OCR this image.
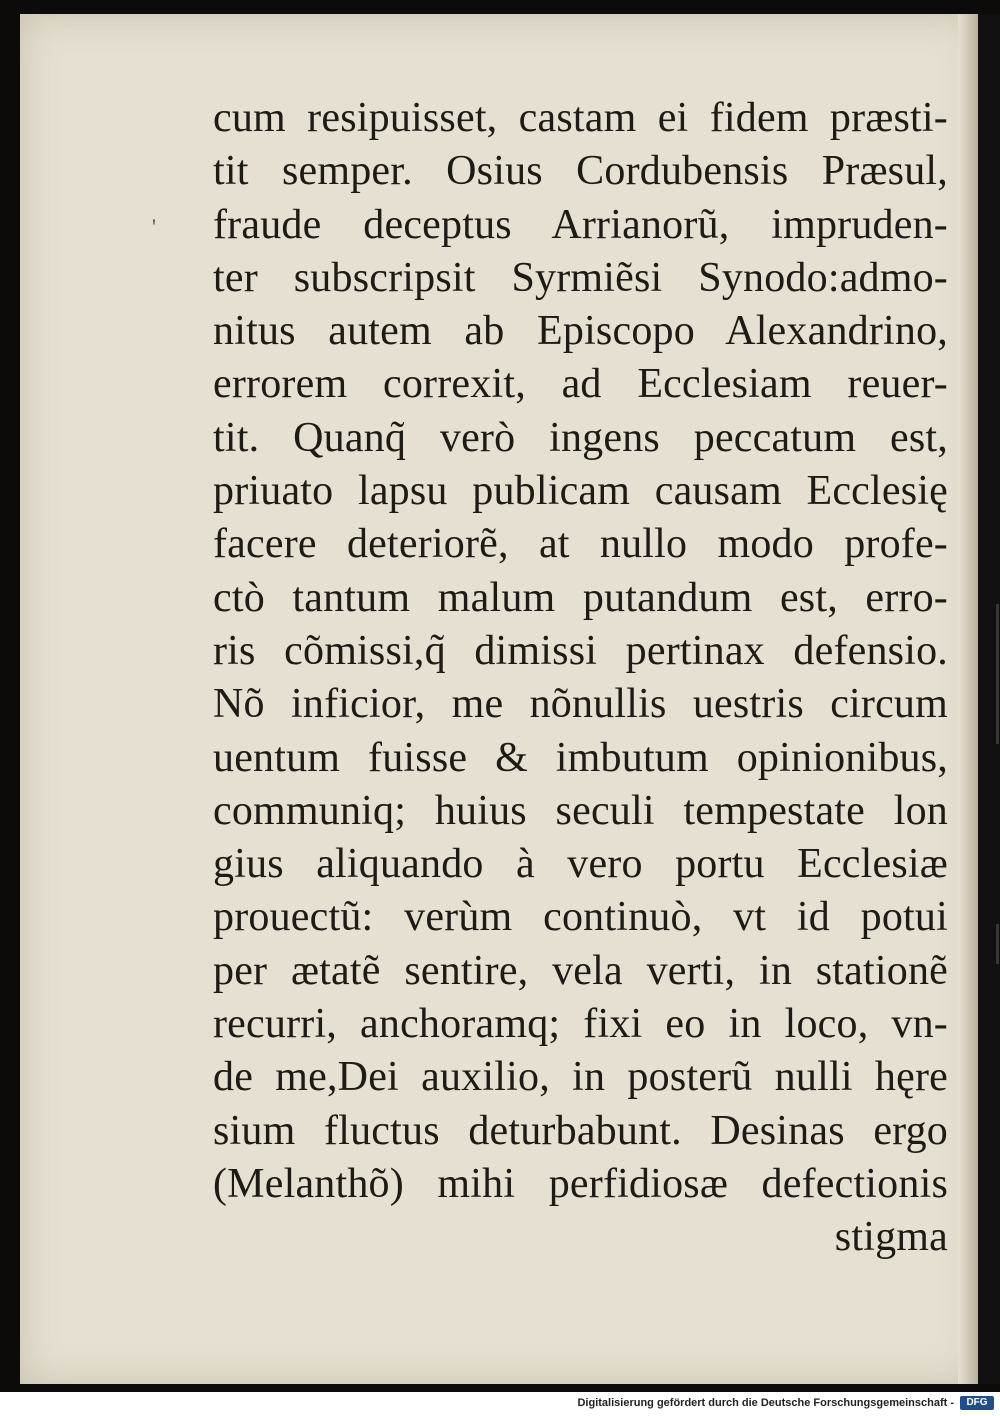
'
cum resipuisset, castam ei fidem præsti-
tit semper. Osius Cordubensis Præsul,
fraude deceptus Arrianorũ, impruden-
ter subscripsit Syrmiẽsi Synodo:admo-
nitus autem ab Episcopo Alexandrino,
errorem correxit, ad Ecclesiam reuer-
tit. Quanq̃ verò ingens peccatum est,
priuato lapsu publicam causam Ecclesię
facere deteriorẽ, at nullo modo profe-
ctò tantum malum putandum est, erro-
ris cõmissi,q̃ dimissi pertinax defensio.
Nõ inficior, me nõnullis uestris circum
uentum fuisse & imbutum opinionibus,
communiq; huius seculi tempestate lon
gius aliquando à vero portu Ecclesiæ
prouectũ: verùm continuò, vt id potui
per ætatẽ sentire, vela verti, in stationẽ
recurri, anchoramq; fixi eo in loco, vn-
de me,Dei auxilio, in posterũ nulli hęre
sium fluctus deturbabunt. Desinas ergo
(Melanthõ) mihi perfidiosæ defectionis
stigma
Digitalisierung gefördert durch die Deutsche Forschungsgemeinschaft -	DFG
